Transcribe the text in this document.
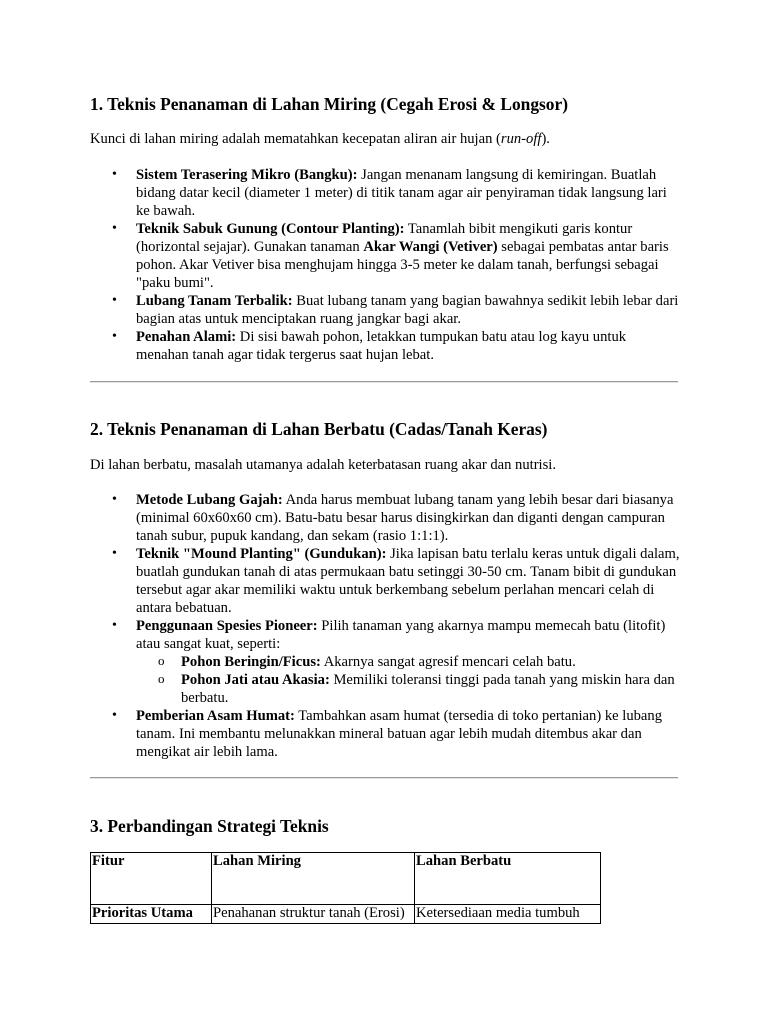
1. Teknis Penanaman di Lahan Miring (Cegah Erosi & Longsor)

Kunci di lahan miring adalah mematahkan kecepatan aliran air hujan (run-off).

• Sistem Terasering Mikro (Bangku): Jangan menanam langsung di kemiringan. Buatlah bidang datar kecil (diameter 1 meter) di titik tanam agar air penyiraman tidak langsung lari ke bawah.
• Teknik Sabuk Gunung (Contour Planting): Tanamlah bibit mengikuti garis kontur (horizontal sejajar). Gunakan tanaman Akar Wangi (Vetiver) sebagai pembatas antar baris pohon. Akar Vetiver bisa menghujam hingga 3-5 meter ke dalam tanah, berfungsi sebagai "paku bumi".
• Lubang Tanam Terbalik: Buat lubang tanam yang bagian bawahnya sedikit lebih lebar dari bagian atas untuk menciptakan ruang jangkar bagi akar.
• Penahan Alami: Di sisi bawah pohon, letakkan tumpukan batu atau log kayu untuk menahan tanah agar tidak tergerus saat hujan lebat.
2. Teknis Penanaman di Lahan Berbatu (Cadas/Tanah Keras)

Di lahan berbatu, masalah utamanya adalah keterbatasan ruang akar dan nutrisi.

• Metode Lubang Gajah: Anda harus membuat lubang tanam yang lebih besar dari biasanya (minimal 60x60x60 cm). Batu-batu besar harus disingkirkan dan diganti dengan campuran tanah subur, pupuk kandang, dan sekam (rasio 1:1:1).
• Teknik "Mound Planting" (Gundukan): Jika lapisan batu terlalu keras untuk digali dalam, buatlah gundukan tanah di atas permukaan batu setinggi 30-50 cm. Tanam bibit di gundukan tersebut agar akar memiliki waktu untuk berkembang sebelum perlahan mencari celah di antara bebatuan.
• Penggunaan Spesies Pioneer: Pilih tanaman yang akarnya mampu memecah batu (litofit) atau sangat kuat, seperti:
o Pohon Beringin/Ficus: Akarnya sangat agresif mencari celah batu.
o Pohon Jati atau Akasia: Memiliki toleransi tinggi pada tanah yang miskin hara dan berbatu.
• Pemberian Asam Humat: Tambahkan asam humat (tersedia di toko pertanian) ke lubang tanam. Ini membantu melunakkan mineral batuan agar lebih mudah ditembus akar dan mengikat air lebih lama.
3. Perbandingan Strategi Teknis
Fitur	Lahan Miring	Lahan Berbatu
Prioritas Utama	Penahanan struktur tanah (Erosi)	Ketersediaan media tumbuh
